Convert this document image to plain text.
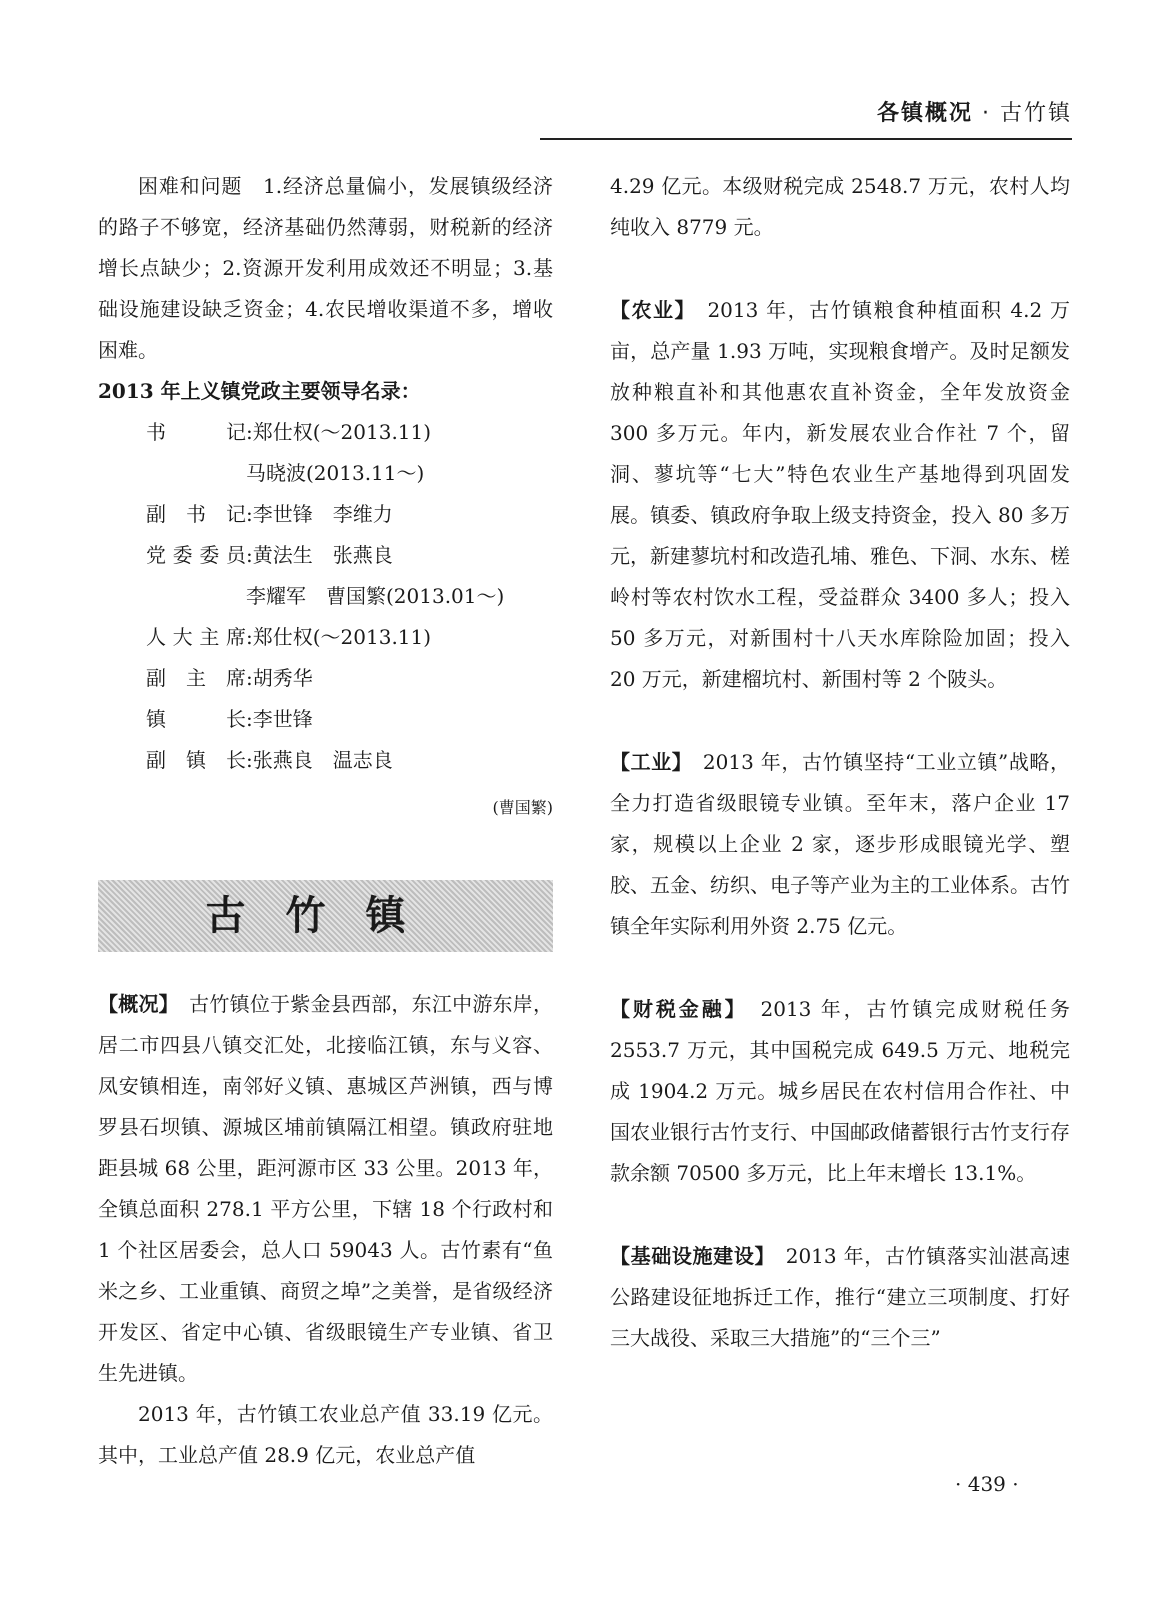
各镇概况 · 古竹镇

困难和问题　1.经济总量偏小，发展镇级经济的路子不够宽，经济基础仍然薄弱，财税新的经济增长点缺少；2.资源开发利用成效还不明显；3.基础设施建设缺乏资金；4.农民增收渠道不多，增收困难。

2013 年上义镇党政主要领导名录：

书记 :郑仕权(～2013.11)
马晓波(2013.11～)
副书记 :李世锋　李维力
党委委员 :黄法生　张燕良
李耀军　曹国繁(2013.01～)
人大主席 :郑仕权(～2013.11)
副主席 :胡秀华
镇长 :李世锋
副镇长 :张燕良　温志良
(曹国繁)
古竹镇

【概况】　古竹镇位于紫金县西部，东江中游东岸，居二市四县八镇交汇处，北接临江镇，东与义容、凤安镇相连，南邻好义镇、惠城区芦洲镇，西与博罗县石坝镇、源城区埔前镇隔江相望。镇政府驻地距县城 68 公里，距河源市区 33 公里。2013 年，全镇总面积 278.1 平方公里，下辖 18 个行政村和 1 个社区居委会，总人口 59043 人。古竹素有“鱼米之乡、工业重镇、商贸之埠”之美誉，是省级经济开发区、省定中心镇、省级眼镜生产专业镇、省卫生先进镇。

2013 年，古竹镇工农业总产值 33.19 亿元。其中，工业总产值 28.9 亿元，农业总产值

4.29 亿元。本级财税完成 2548.7 万元，农村人均纯收入 8779 元。

【农业】　2013 年，古竹镇粮食种植面积 4.2 万亩，总产量 1.93 万吨，实现粮食增产。及时足额发放种粮直补和其他惠农直补资金，全年发放资金 300 多万元。年内，新发展农业合作社 7 个，留洞、蓼坑等“七大”特色农业生产基地得到巩固发展。镇委、镇政府争取上级支持资金，投入 80 多万元，新建蓼坑村和改造孔埔、雅色、下洞、水东、槎岭村等农村饮水工程，受益群众 3400 多人；投入 50 多万元，对新围村十八天水库除险加固；投入 20 万元，新建榴坑村、新围村等 2 个陂头。

【工业】　2013 年，古竹镇坚持“工业立镇”战略，全力打造省级眼镜专业镇。至年末，落户企业 17 家，规模以上企业 2 家，逐步形成眼镜光学、塑胶、五金、纺织、电子等产业为主的工业体系。古竹镇全年实际利用外资 2.75 亿元。

【财税金融】　2013 年，古竹镇完成财税任务 2553.7 万元，其中国税完成 649.5 万元、地税完成 1904.2 万元。城乡居民在农村信用合作社、中国农业银行古竹支行、中国邮政储蓄银行古竹支行存款余额 70500 多万元，比上年末增长 13.1%。

【基础设施建设】　2013 年，古竹镇落实汕湛高速公路建设征地拆迁工作，推行“建立三项制度、打好三大战役、采取三大措施”的“三个三”

· 439 ·
